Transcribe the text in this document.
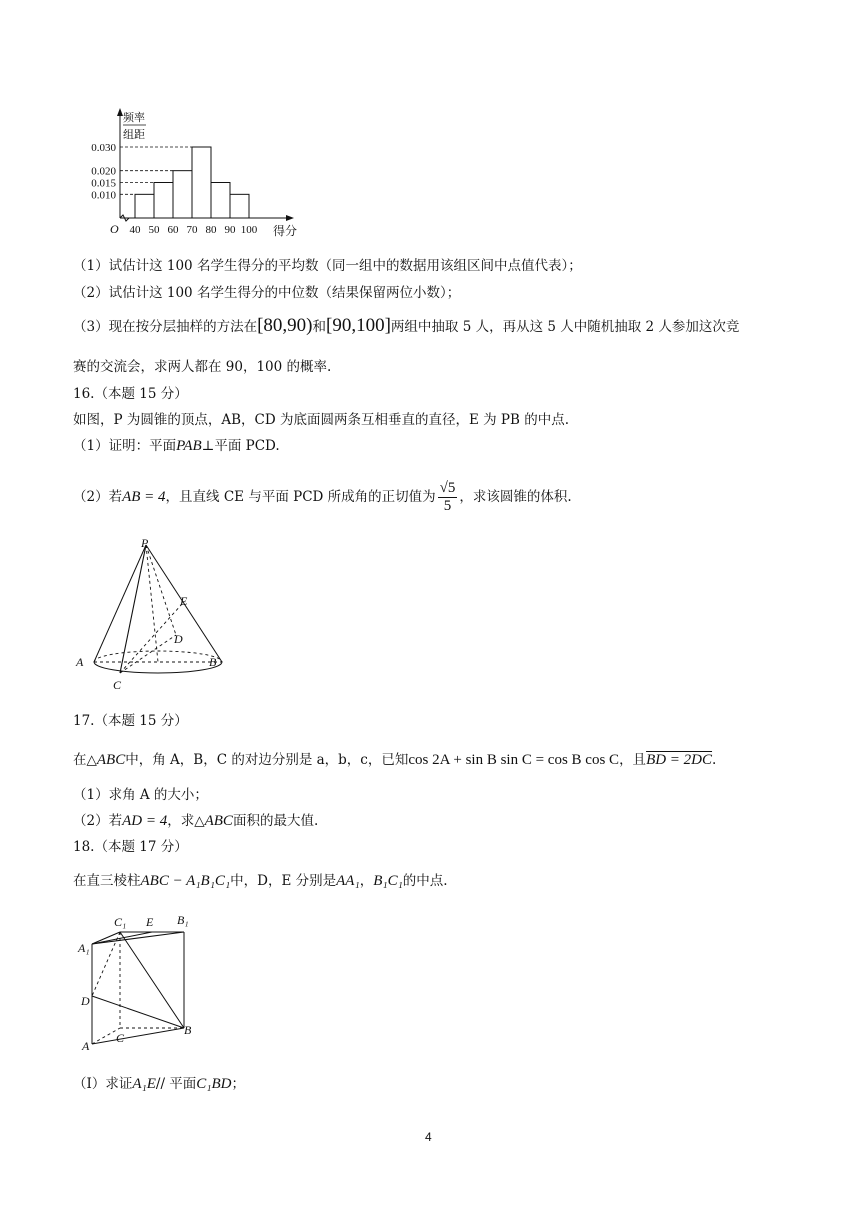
频率
组距
O	得分
0.030
0.020
0.015
0.010
40 50 60 70 80 90 100
（1）试估计这 100 名学生得分的平均数（同一组中的数据用该组区间中点值代表）；
（2）试估计这 100 名学生得分的中位数（结果保留两位小数）；
（3）现在按分层抽样的方法在[80,90)和[90,100]两组中抽取 5 人，再从这 5 人中随机抽取 2 人参加这次竞
赛的交流会，求两人都在 90，100 的概率.
16.（本题 15 分）
如图，P 为圆锥的顶点，AB，CD 为底面圆两条互相垂直的直径，E 为 PB 的中点.
（1）证明：平面PAB⊥平面 PCD.
（2）若AB = 4，且直线 CE 与平面 PCD 所成角的正切值为 $\frac{√5}{5}$ ，求该圆锥的体积.
P
E
D
A	B
C
17.（本题 15 分）
在△ABC中，角 A，B，C 的对边分别是 a，b，c，已知cos 2A + sin B sin C = cos B cos C，且BD = 2DC.
（1）求角 A 的大小；
（2）若AD = 4，求△ABC面积的最大值.
18.（本题 17 分）
在直三棱柱ABC − A₁B₁C₁中，D，E 分别是AA₁，B₁C₁的中点.
C₁ E B₁
A₁
D
B
C
A
（Ⅰ）求证A₁E// 平面C₁BD；
4
